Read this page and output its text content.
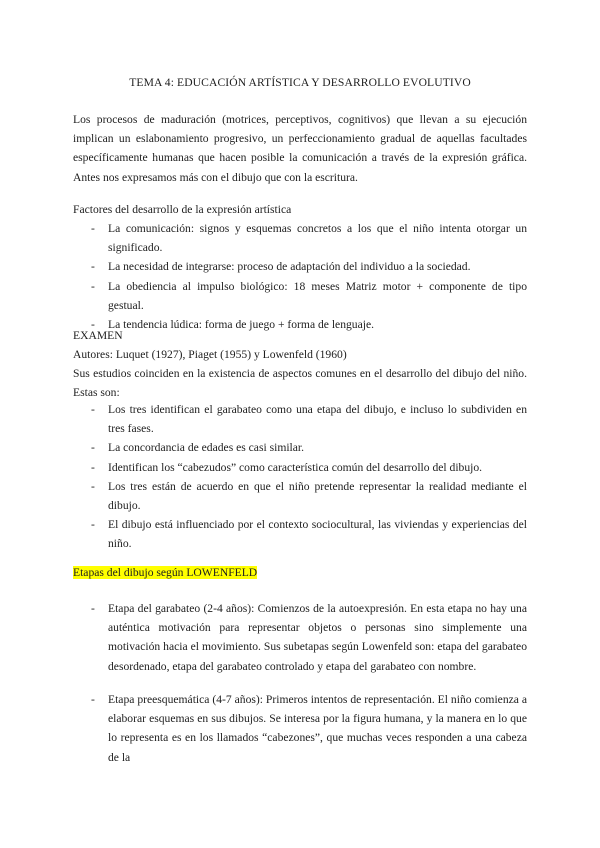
TEMA 4: EDUCACIÓN ARTÍSTICA Y DESARROLLO EVOLUTIVO

Los procesos de maduración (motrices, perceptivos, cognitivos) que llevan a su ejecución implican un eslabonamiento progresivo, un perfeccionamiento gradual de aquellas facultades específicamente humanas que hacen posible la comunicación a través de la expresión gráfica. Antes nos expresamos más con el dibujo que con la escritura.

Factores del desarrollo de la expresión artística

- La comunicación: signos y esquemas concretos a los que el niño intenta otorgar un significado.
- La necesidad de integrarse: proceso de adaptación del individuo a la sociedad.
- La obediencia al impulso biológico: 18 meses Matriz motor + componente de tipo gestual.
- La tendencia lúdica: forma de juego + forma de lenguaje.

EXAMEN

Autores: Luquet (1927), Piaget (1955) y Lowenfeld (1960)

Sus estudios coinciden en la existencia de aspectos comunes en el desarrollo del dibujo del niño. Estas son:

- Los tres identifican el garabateo como una etapa del dibujo, e incluso lo subdividen en tres fases.
- La concordancia de edades es casi similar.
- Identifican los “cabezudos” como característica común del desarrollo del dibujo.
- Los tres están de acuerdo en que el niño pretende representar la realidad mediante el dibujo.
- El dibujo está influenciado por el contexto sociocultural, las viviendas y experiencias del niño.

Etapas del dibujo según LOWENFELD

- Etapa del garabateo (2-4 años): Comienzos de la autoexpresión. En esta etapa no hay una auténtica motivación para representar objetos o personas sino simplemente una motivación hacia el movimiento. Sus subetapas según Lowenfeld son: etapa del garabateo desordenado, etapa del garabateo controlado y etapa del garabateo con nombre.
- Etapa preesquemática (4-7 años): Primeros intentos de representación. El niño comienza a elaborar esquemas en sus dibujos. Se interesa por la figura humana, y la manera en lo que lo representa es en los llamados “cabezones”, que muchas veces responden a una cabeza de la
